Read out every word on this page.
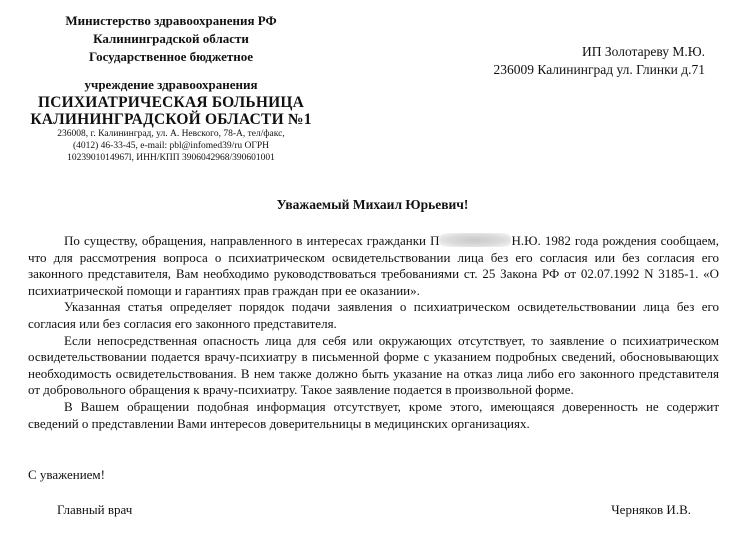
Министерство здравоохранения РФ
Калининградской области
Государственное бюджетное
учреждение здравоохранения
ПСИХИАТРИЧЕСКАЯ БОЛЬНИЦА
КАЛИНИНГРАДСКОЙ ОБЛАСТИ №1
236008, г. Калининград, ул. А. Невского, 78-А, тел/факс,
(4012) 46-33-45, e-mail: pbl@infomed39/ru ОГРН
1023901014967l, ИНН/КПП 3906042968/390601001
ИП Золотареву М.Ю.
236009 Калининград ул. Глинки д.71
Уважаемый Михаил Юрьевич!

По существу, обращения, направленного в интересах гражданки П	Н.Ю. 1982 года рождения сообщаем, что для рассмотрения вопроса о психиатрическом освидетельствовании лица без его согласия или без согласия его законного представителя, Вам необходимо руководствоваться требованиями ст. 25 Закона РФ от 02.07.1992 N 3185-1. «О психиатрической помощи и гарантиях прав граждан при ее оказании».

Указанная статья определяет порядок подачи заявления о психиатрическом освидетельствовании лица без его согласия или без согласия его законного представителя.

Если непосредственная опасность лица для себя или окружающих отсутствует, то заявление о психиатрическом освидетельствовании подается врачу-психиатру в письменной форме с указанием подробных сведений, обосновывающих необходимость освидетельствования. В нем также должно быть указание на отказ лица либо его законного представителя от добровольного обращения к врачу-психиатру. Такое заявление подается в произвольной форме.

В Вашем обращении подобная информация отсутствует, кроме этого, имеющаяся доверенность не содержит сведений о представлении Вами интересов доверительницы в медицинских организациях.

С уважением!
Главный врач	Черняков И.В.
